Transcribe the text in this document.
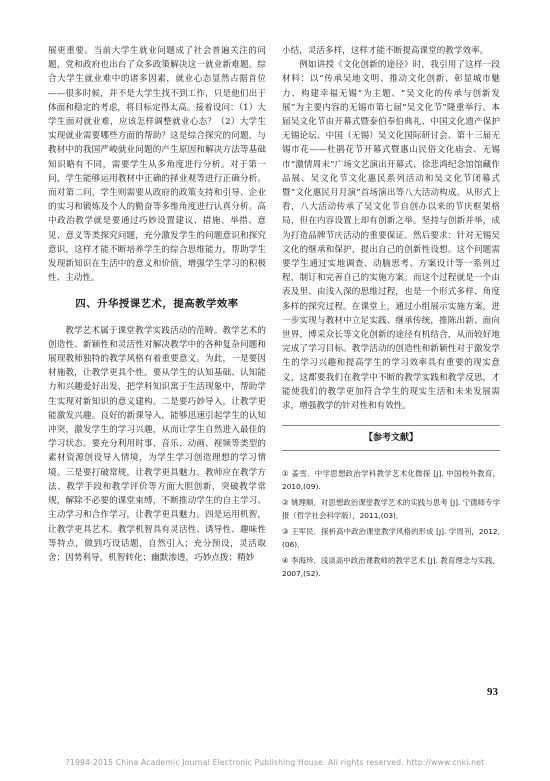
展更重要。当前大学生就业问题成了社会普遍关注的问题，党和政府也出台了众多政策解决这一就业新难题。综合大学生就业难中的诸多因素，就业心态显然占据首位——很多时候，并不是大学生找不到工作，只是他们出于体面和稳定的考虑，将目标定得太高。接着设问：（1）大学生面对就业难，应该怎样调整就业心态？（2）大学生实现就业需要哪些方面的帮助？这是综合探究的问题，与教材中的我国严峻就业问题的产生原因和解决方法等基础知识略有不同，需要学生从多角度进行分析。对于第一问，学生能够运用教材中正确的择业观等进行正确分析。而对第二问，学生则需要从政府的政策支持和引导、企业的实习和锻炼及个人的勤奋等多维角度进行认真分析。高中政治教学就是要通过巧妙设置建议、措施、举措、意见、意义等类探究问题，充分激发学生的问题意识和探究意识，这样才能不断培养学生的综合思维能力，帮助学生发现新知识在生活中的意义和价值，增强学生学习的积极性、主动性。

四、升华授课艺术，提高教学效率

教学艺术属于课堂教学实践活动的范畴。教学艺术的创造性、新颖性和灵活性对解决教学中的各种复杂问题和展现教师独特的教学风格有着重要意义。为此，一是要因材施教，让教学更具个性。要从学生的认知基础、认知能力和兴趣爱好出发，把学科知识寓于生活现象中，帮助学生实现对新知识的意义建构。二是要巧妙导入，让教学更能激发兴趣。良好的新课导入，能够迅速引起学生的认知冲突，激发学生的学习兴趣，从而让学生自然进入最佳的学习状态。要充分利用时事、音乐、动画、视频等类型的素材资源创设导入情境，为学生学习创造理想的学习情境。三是要打破常规，让教学更具魅力。教师应在教学方法、教学手段和教学评价等方面大胆创新，突破教学常规，解除不必要的课堂束缚，不断推动学生的自主学习、主动学习和合作学习，让教学更具魅力。四是运用机智，让教学更具艺术。教学机智具有灵活性、诱导性、趣味性等特点，做到巧设话题，自然引入；充分预设，灵活取舍；因势利导，机智转化；幽默渗透，巧妙点拨；精妙

小结，灵活多样，这样才能不断提高课堂的教学效率。

例如讲授《文化创新的途径》时，我引用了这样一段材料：以“传承吴地文明、推动文化创新、彰显城市魅力、构建幸福无锡”为主题、“吴文化的传承与创新发展”为主要内容的无锡市第七届“吴文化节”隆重举行。本届吴文化节由开幕式暨泰伯奉伯典礼、中国文化遗产保护无锡论坛、中国（无锡）吴文化国际研讨会、第十三届无锡市花——杜鹃花节开幕式暨惠山民俗文化庙会、无锡市“激情周末”广场文艺演出开幕式、徐悲鸿纪念馆馆藏作品展、吴文化节文化惠民系列活动和吴文化节闭幕式暨“文化惠民月月演”首场演出等八大活动构成。从形式上看，八大活动传承了吴文化节自创办以来的节庆框架格局，但在内容设置上却有创新之举。坚持与创新并举，成为打造品牌节庆活动的重要保证。然后要求：针对无锡吴文化的继承和保护，提出自己的创新性设想。这个问题需要学生通过实地调查、动脑思考、方案设计等一系列过程，制订和完善自己的实施方案。而这个过程就是一个由表及里、由浅入深的思维过程，也是一个形式多样、角度多样的探究过程。在课堂上，通过小组展示实施方案，进一步实现与教材中立足实践、继承传统，推陈出新、面向世界，博采众长等文化创新的途径有机结合，从而较好地完成了学习目标。教学活动的创造性和新颖性对于激发学生的学习兴趣和提高学生的学习效率具有重要的现实意义，这都要我们在教学中不断的教学实践和教学反思，才能使我们的教学更加符合学生的现实生活和未来发展需求，增强教学的针对性和有效性。

【参考文献】

① 姜雪．中学思想政治学科教学艺术化微探 [J]. 中国校外教育，2010,(09).

② 姚理顺．对思想政治课堂教学艺术的实践与思考 [J]. 宁德师专学报（哲学社会科学版），2011,(03)．

③ 王军民．探析高中政治课堂教学风格的形成 [J]. 学周刊，2012,(06)．

④ 李海珍．浅谈高中政治课教师的教学艺术 [J]. 教育理念与实践，2007,(S2).

93
?1994-2015 China Academic Journal Electronic Publishing House. All rights reserved. http://www.cnki.net
